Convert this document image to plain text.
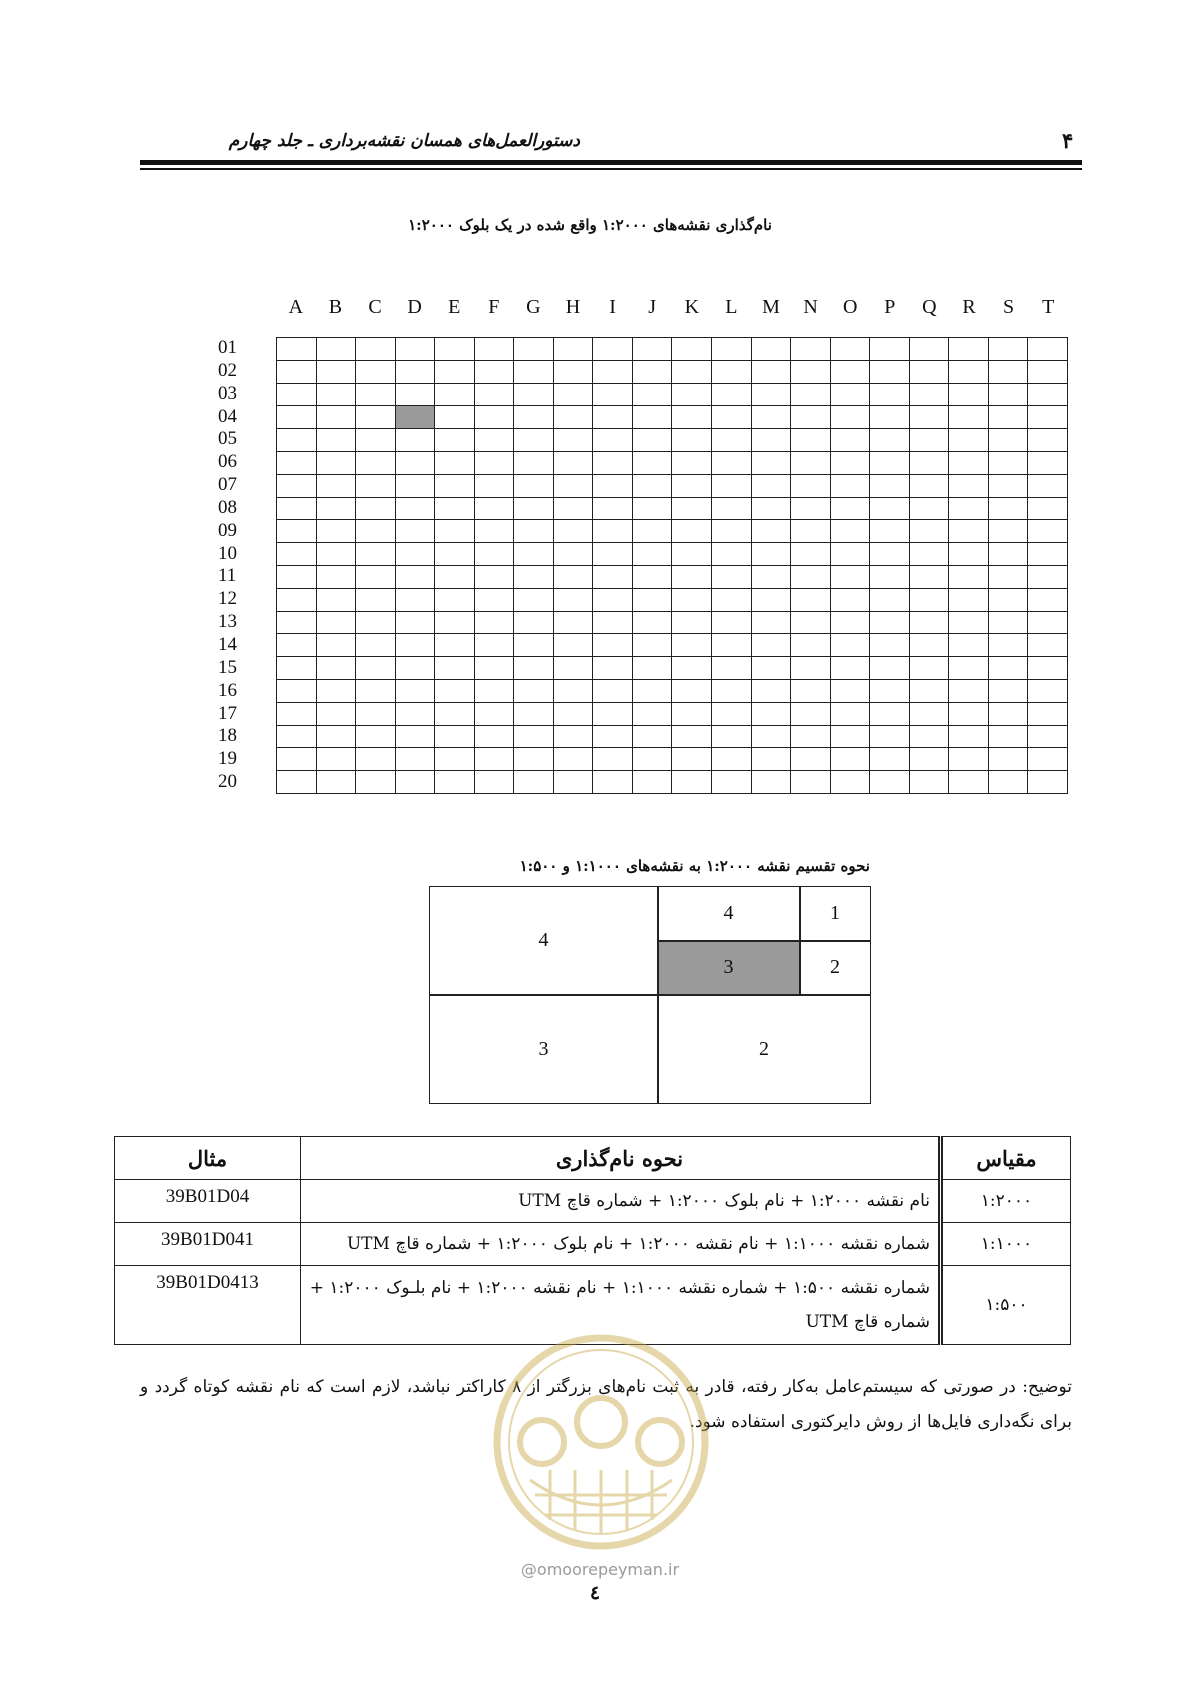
۴
دستورالعمل‌های همسان نقشه‌برداری ـ جلد چهارم
نام‌گذاری نقشه‌های ۱:۲۰۰۰ واقع شده در یک بلوک ۱:۲۰۰۰
A	B	C	D	E	F	G	H	I	J	K	L	M	N	O	P	Q	R	S	T
01
02
03
04
05
06
07
08
09
10
11
12
13
14
15
16
17
18
19
20

نحوه تقسیم نقشه ۱:۲۰۰۰ به نقشه‌های ۱:۱۰۰۰ و ۱:۵۰۰
4
3	2
4	1
3	2
مقیاس	نحوه نام‌گذاری	مثال
۱:۲۰۰۰	نام نقشه ۱:۲۰۰۰ + نام بلوک ۱:۲۰۰۰ + شماره قاچ UTM	39B01D04
۱:۱۰۰۰	شماره نقشه ۱:۱۰۰۰ + نام نقشه ۱:۲۰۰۰ + نام بلوک ۱:۲۰۰۰ + شماره قاچ UTM	39B01D041
۱:۵۰۰	شماره نقشه ۱:۵۰۰ + شماره نقشه ۱:۱۰۰۰ + نام نقشه ۱:۲۰۰۰ + نام بلـوک ۱:۲۰۰۰ + شماره قاچ UTM	39B01D0413
توضیح: در صورتی که سیستم‌عامل به‌کار رفته، قادر به ثبت نام‌های بزرگتر از ۸ کاراکتر نباشد، لازم است که نام نقشه کوتاه گردد و برای نگه‌داری فایل‌ها از روش دایرکتوری استفاده شود.
@omoorepeyman.ir
٤
